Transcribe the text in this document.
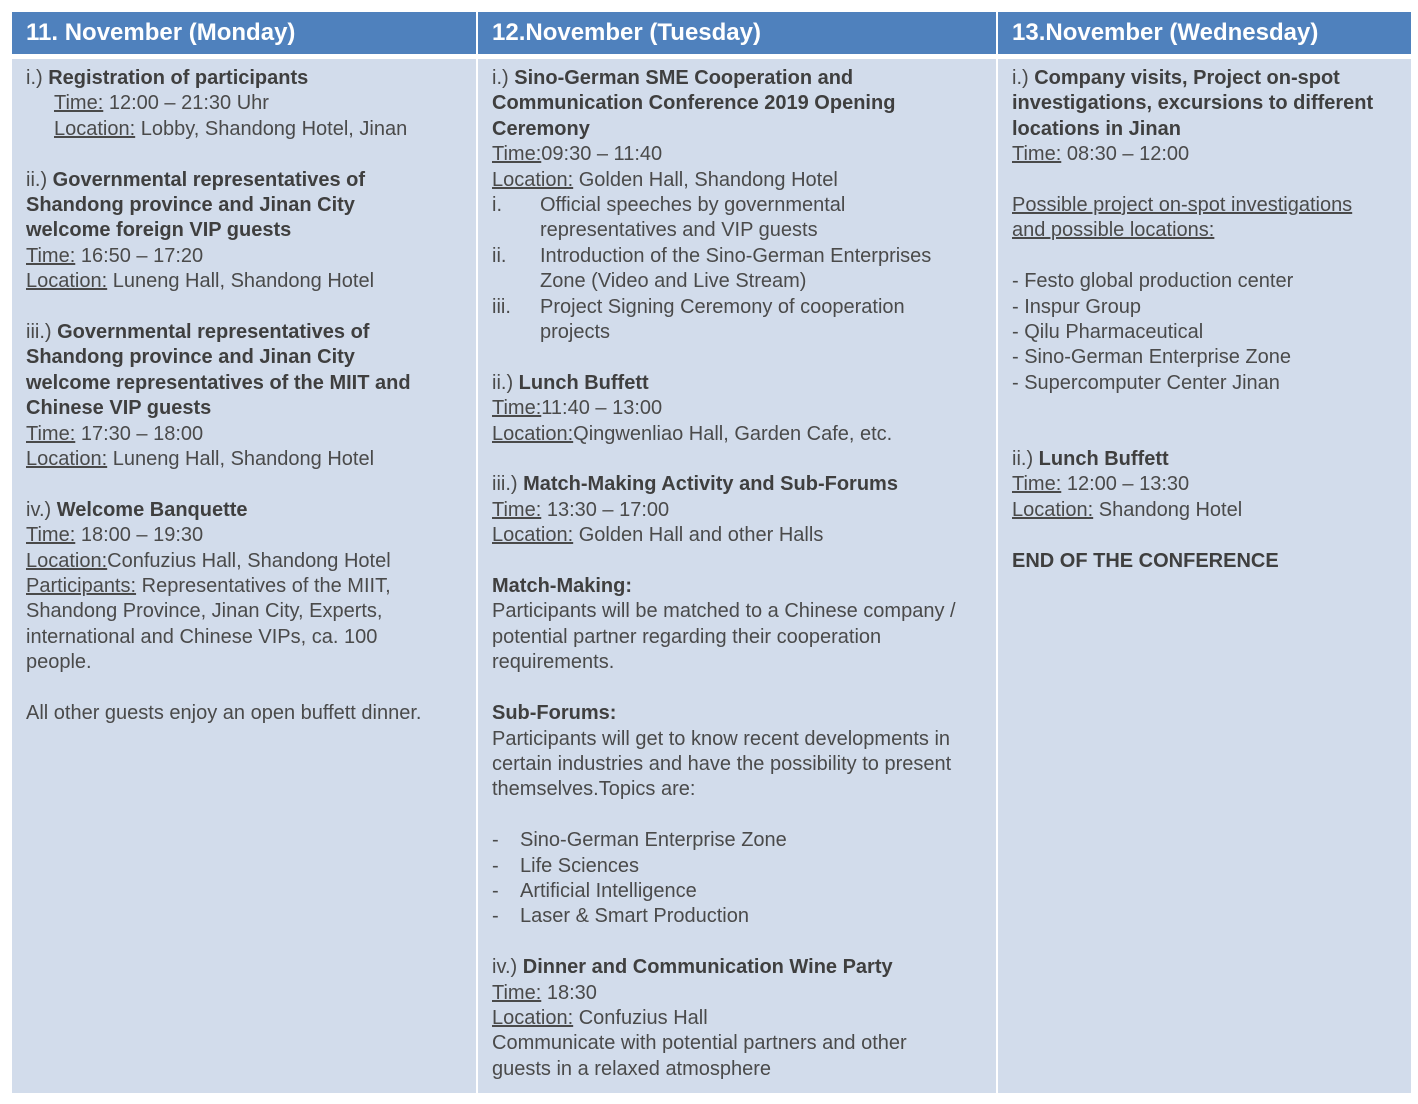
11. November (Monday)	12.November (Tuesday)	13.November (Wednesday)
i.) Registration of participants
Time: 12:00 – 21:30 Uhr
Location: Lobby, Shandong Hotel, Jinan
ii.) Governmental representatives of
Shandong province and Jinan City
welcome foreign VIP guests
Time: 16:50 – 17:20
Location: Luneng Hall, Shandong Hotel
iii.) Governmental representatives of
Shandong province and Jinan City
welcome representatives of the MIIT and
Chinese VIP guests
Time: 17:30 – 18:00
Location: Luneng Hall, Shandong Hotel
iv.) Welcome Banquette
Time: 18:00 – 19:30
Location:Confuzius Hall, Shandong Hotel
Participants: Representatives of the MIIT,
Shandong Province, Jinan City, Experts,
international and Chinese VIPs, ca. 100
people.
All other guests enjoy an open buffett dinner.
i.) Sino-German SME Cooperation and
Communication Conference 2019 Opening
Ceremony
Time:09:30 – 11:40
Location: Golden Hall, Shandong Hotel
i. Official speeches by governmental
representatives and VIP guests
ii. Introduction of the Sino-German Enterprises
Zone (Video and Live Stream)
iii. Project Signing Ceremony of cooperation
projects
ii.) Lunch Buffett
Time:11:40 – 13:00
Location:Qingwenliao Hall, Garden Cafe, etc.
iii.) Match-Making Activity and Sub-Forums
Time: 13:30 – 17:00
Location: Golden Hall and other Halls
Match-Making:
Participants will be matched to a Chinese company /
potential partner regarding their cooperation
requirements.
Sub-Forums:
Participants will get to know recent developments in
certain industries and have the possibility to present
themselves.Topics are:
- Sino-German Enterprise Zone
- Life Sciences
- Artificial Intelligence
- Laser & Smart Production
iv.) Dinner and Communication Wine Party
Time: 18:30
Location: Confuzius Hall
Communicate with potential partners and other
guests in a relaxed atmosphere
i.) Company visits, Project on-spot
investigations, excursions to different
locations in Jinan
Time: 08:30 – 12:00
Possible project on-spot investigations
and possible locations:
- Festo global production center
- Inspur Group
- Qilu Pharmaceutical
- Sino-German Enterprise Zone
- Supercomputer Center Jinan
ii.) Lunch Buffett
Time: 12:00 – 13:30
Location: Shandong Hotel
END OF THE CONFERENCE
